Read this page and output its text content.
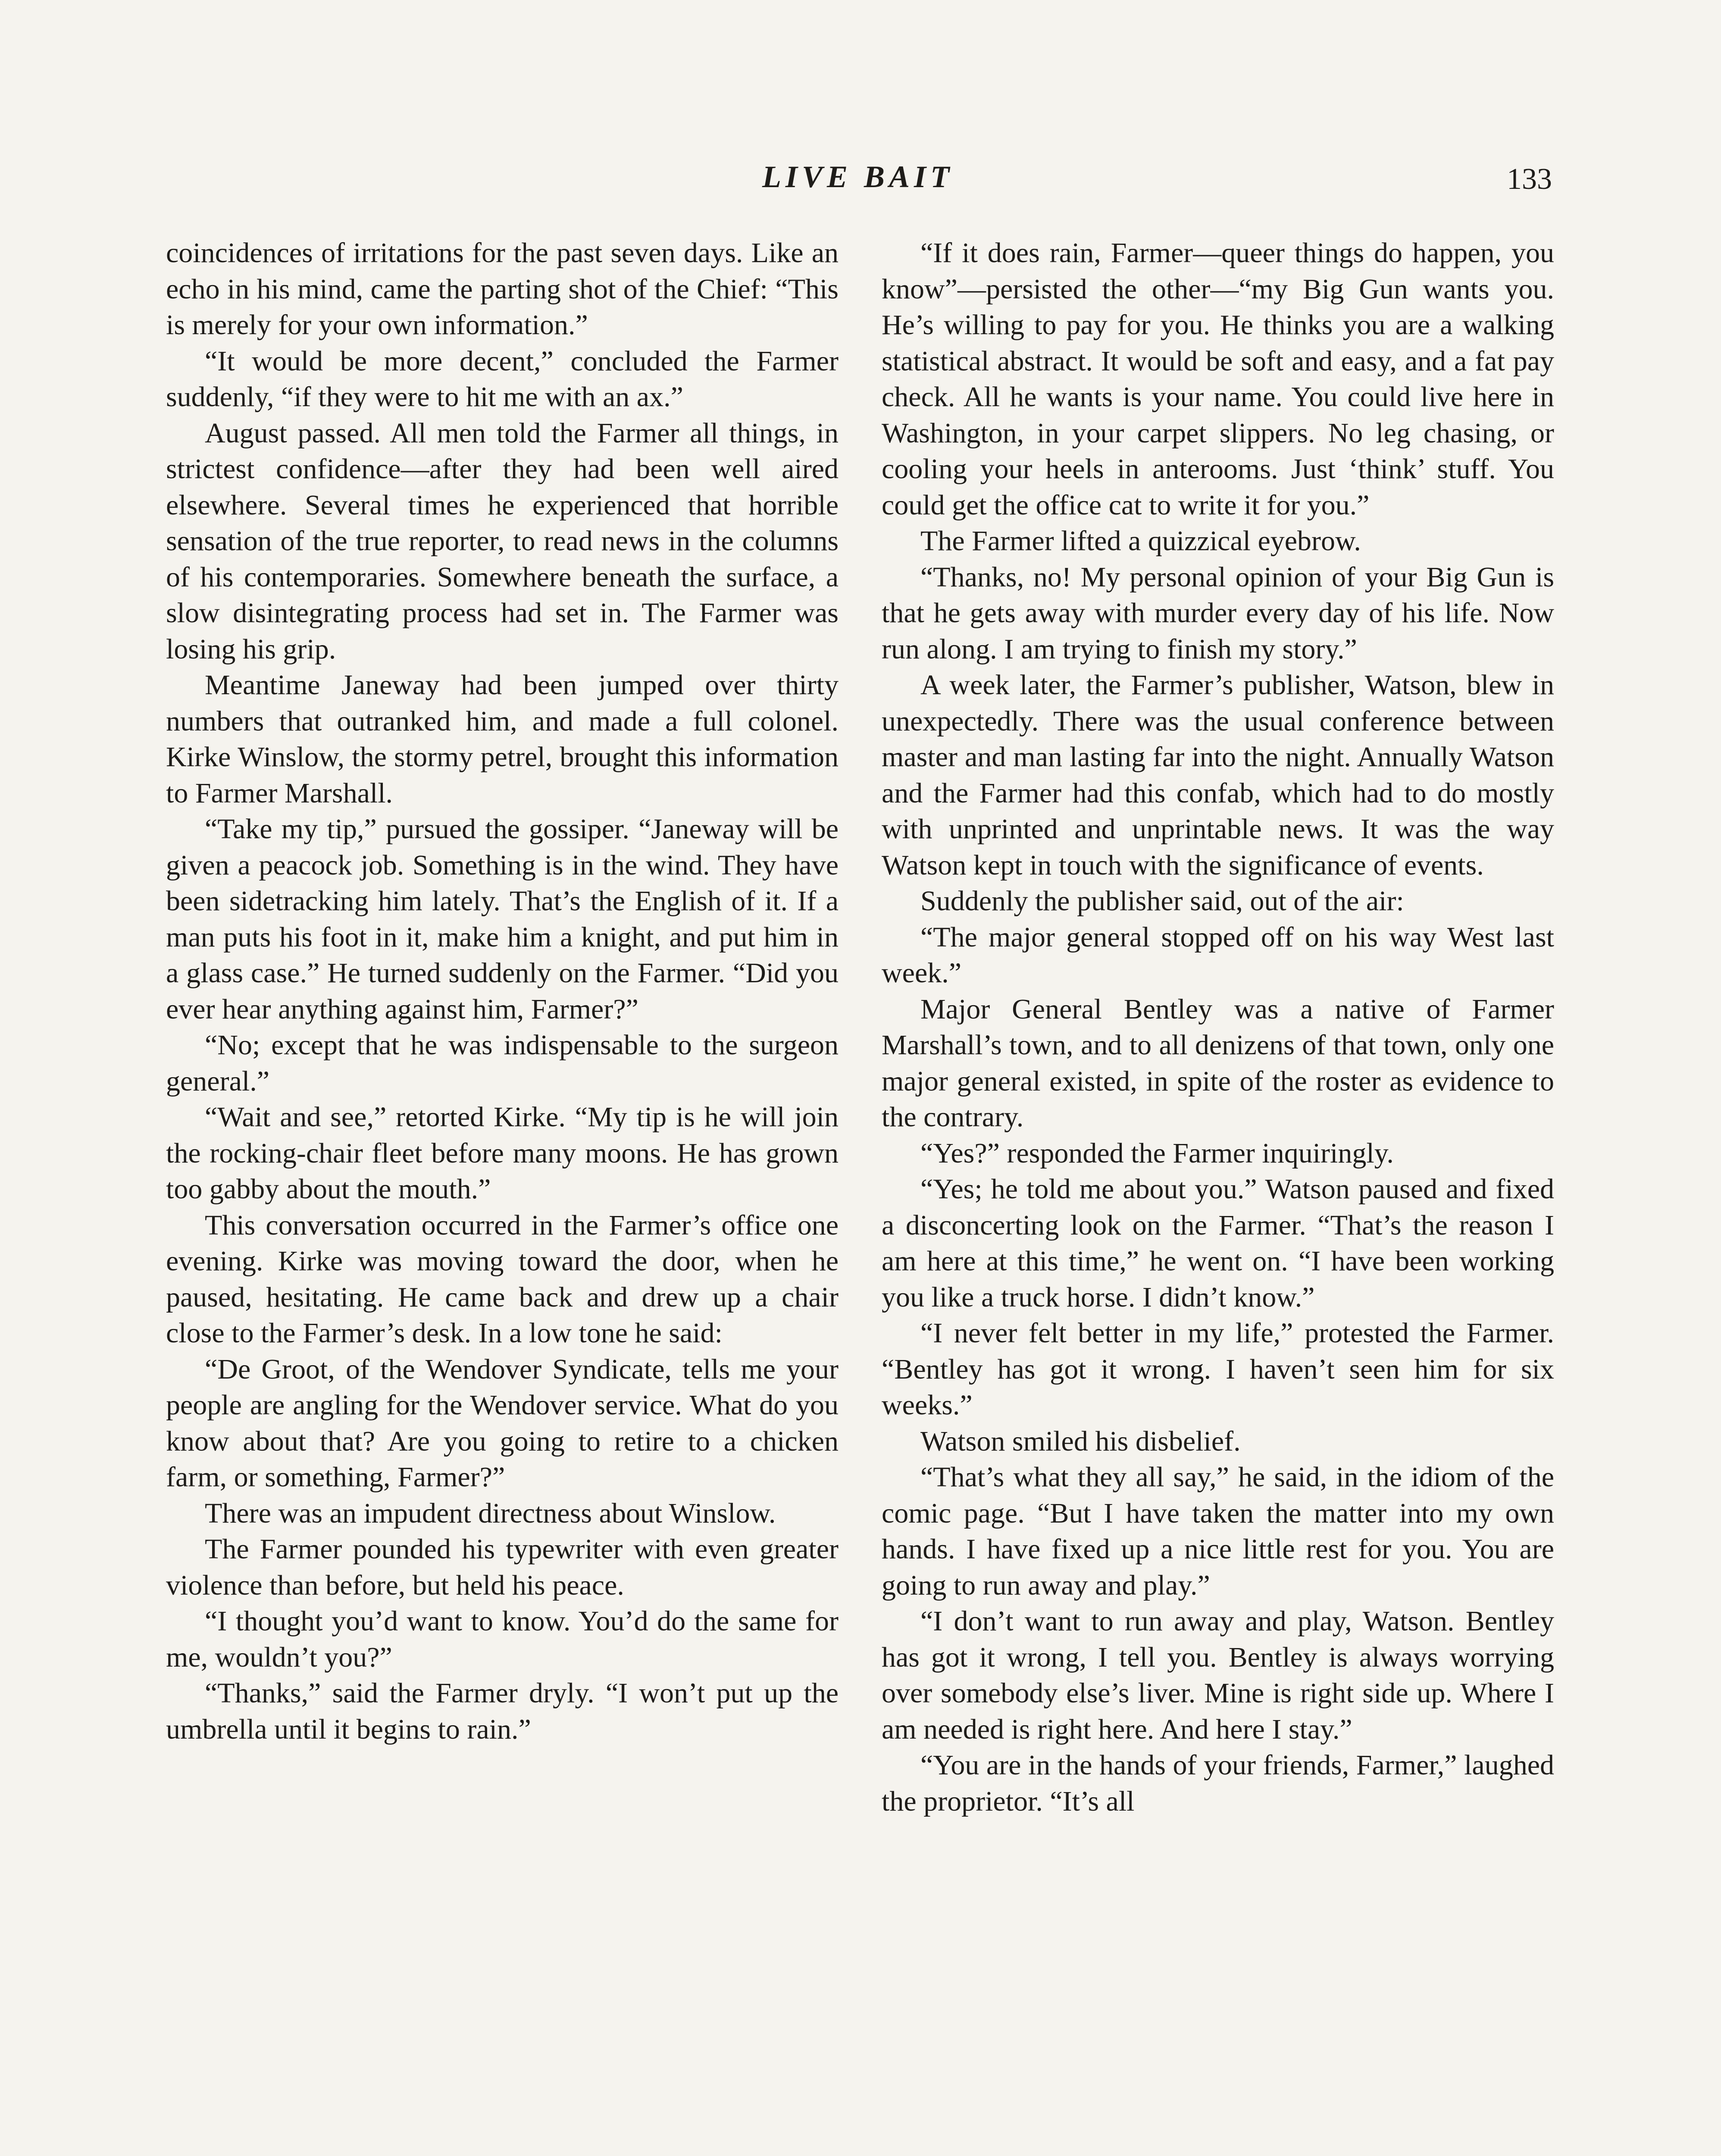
LIVE BAIT	133

coincidences of irritations for the past seven days. Like an echo in his mind, came the parting shot of the Chief: “This is merely for your own information.”

“It would be more decent,” concluded the Farmer suddenly, “if they were to hit me with an ax.”

August passed. All men told the Farmer all things, in strictest confidence—after they had been well aired elsewhere. Several times he experienced that horrible sensation of the true reporter, to read news in the columns of his contemporaries. Somewhere beneath the surface, a slow disintegrating process had set in. The Farmer was losing his grip.

Meantime Janeway had been jumped over thirty numbers that outranked him, and made a full colonel. Kirke Winslow, the stormy petrel, brought this information to Farmer Marshall.

“Take my tip,” pursued the gossiper. “Janeway will be given a peacock job. Something is in the wind. They have been sidetracking him lately. That’s the English of it. If a man puts his foot in it, make him a knight, and put him in a glass case.” He turned suddenly on the Farmer. “Did you ever hear anything against him, Farmer?”

“No; except that he was indispensable to the surgeon general.”

“Wait and see,” retorted Kirke. “My tip is he will join the rocking-chair fleet before many moons. He has grown too gabby about the mouth.”

This conversation occurred in the Farmer’s office one evening. Kirke was moving toward the door, when he paused, hesitating. He came back and drew up a chair close to the Farmer’s desk. In a low tone he said:

“De Groot, of the Wendover Syndicate, tells me your people are angling for the Wendover service. What do you know about that? Are you going to retire to a chicken farm, or something, Farmer?”

There was an impudent directness about Winslow.

The Farmer pounded his typewriter with even greater violence than before, but held his peace.

“I thought you’d want to know. You’d do the same for me, wouldn’t you?”

“Thanks,” said the Farmer dryly. “I won’t put up the umbrella until it begins to rain.”

“If it does rain, Farmer—queer things do happen, you know”—persisted the other—“my Big Gun wants you. He’s willing to pay for you. He thinks you are a walking statistical abstract. It would be soft and easy, and a fat pay check. All he wants is your name. You could live here in Washington, in your carpet slippers. No leg chasing, or cooling your heels in anterooms. Just ‘think’ stuff. You could get the office cat to write it for you.”

The Farmer lifted a quizzical eyebrow.

“Thanks, no! My personal opinion of your Big Gun is that he gets away with murder every day of his life. Now run along. I am trying to finish my story.”

A week later, the Farmer’s publisher, Watson, blew in unexpectedly. There was the usual conference between master and man lasting far into the night. Annually Watson and the Farmer had this confab, which had to do mostly with unprinted and unprintable news. It was the way Watson kept in touch with the significance of events.

Suddenly the publisher said, out of the air:

“The major general stopped off on his way West last week.”

Major General Bentley was a native of Farmer Marshall’s town, and to all denizens of that town, only one major general existed, in spite of the roster as evidence to the contrary.

“Yes?” responded the Farmer inquiringly.

“Yes; he told me about you.” Watson paused and fixed a disconcerting look on the Farmer. “That’s the reason I am here at this time,” he went on. “I have been working you like a truck horse. I didn’t know.”

“I never felt better in my life,” protested the Farmer. “Bentley has got it wrong. I haven’t seen him for six weeks.”

Watson smiled his disbelief.

“That’s what they all say,” he said, in the idiom of the comic page. “But I have taken the matter into my own hands. I have fixed up a nice little rest for you. You are going to run away and play.”

“I don’t want to run away and play, Watson. Bentley has got it wrong, I tell you. Bentley is always worrying over somebody else’s liver. Mine is right side up. Where I am needed is right here. And here I stay.”

“You are in the hands of your friends, Farmer,” laughed the proprietor. “It’s all
